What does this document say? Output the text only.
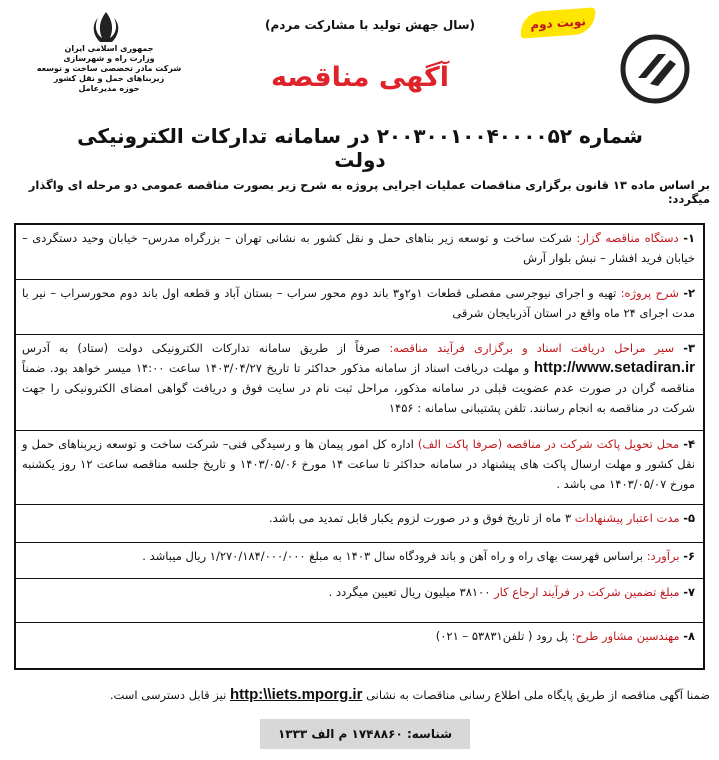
(سال جهش تولید با مشارکت مردم)	نوبت دوم
جمهوری اسلامی ایران
وزارت راه و شهرسازی
شرکت مادر تخصصی ساخت و توسعه زیربناهای حمل و نقل کشور
حوزه مدیرعامل	آگهی مناقصه
شماره ۲۰۰۳۰۰۱۰۰۴۰۰۰۰۵۲ در سامانه تدارکات الکترونیکی دولت
بر اساس ماده ۱۳ قانون برگزاری مناقصات عملیات اجرایی پروژه به شرح زیر بصورت مناقصه عمومی دو مرحله ای واگذار میگردد:
۱- دستگاه مناقصه گزار: شرکت ساخت و توسعه زیر بناهای حمل و نقل کشور به نشانی تهران – بزرگراه مدرس– خیابان وحید دستگردی – خیابان فرید افشار – نبش بلوار آرش
۲- شرح پروژه: تهیه و اجرای نیوجرسی مفصلی قطعات ۱و۲و۳ باند دوم محور سراب – بستان آباد و قطعه اول باند دوم محورسراب – نیر با مدت اجرای ۲۴ ماه واقع در استان آذربایجان شرقی
۳- سیر مراحل دریافت اسناد و برگزاری فرآیند مناقصه: صرفاً از طریق سامانه تدارکات الکترونیکی دولت (ستاد) به آدرس http://www.setadiran.ir و مهلت دریافت اسناد از سامانه مذکور حداکثر تا تاریخ ۱۴۰۳/۰۴/۲۷ ساعت ۱۴:۰۰ میسر خواهد بود. ضمناً مناقصه گران در صورت عدم عضویت قبلی در سامانه مذکور، مراحل ثبت نام در سایت فوق و دریافت گواهی امضای الکترونیکی را جهت شرکت در مناقصه به انجام رسانند. تلفن پشتیبانی سامانه : ۱۴۵۶
۴- محل تحویل پاکت شرکت در مناقصه (صرفا پاکت الف) اداره کل امور پیمان ها و رسیدگی فنی– شرکت ساخت و توسعه زیربناهای حمل و نقل کشور و مهلت ارسال پاکت های پیشنهاد در سامانه حداکثر تا ساعت ۱۴ مورخ ۱۴۰۳/۰۵/۰۶ و تاریخ جلسه مناقصه ساعت ۱۲ روز یکشنبه مورخ ۱۴۰۳/۰۵/۰۷ می باشد .
۵- مدت اعتبار پیشنهادات ۳ ماه از تاریخ فوق و در صورت لزوم یکبار قابل تمدید می باشد.
۶- برآورد: براساس فهرست بهای راه و راه آهن و باند فرودگاه سال ۱۴۰۳ به مبلغ ۱/۲۷۰/۱۸۴/۰۰۰/۰۰۰ ریال میباشد .
۷- مبلغ تضمین شرکت در فرآیند ارجاع کار ۳۸۱۰۰ میلیون ریال تعیین میگردد .
۸- مهندسین مشاور طرح: پل رود ( تلفن۵۳۸۳۱ – ۰۲۱)
ضمنا آگهی مناقصه از طریق پایگاه ملی اطلاع رسانی مناقصات به نشانی http:\\iets.mporg.ir نیز قابل دسترسی است.
شناسه: ۱۷۴۸۸۶۰ م الف ۱۳۳۳
